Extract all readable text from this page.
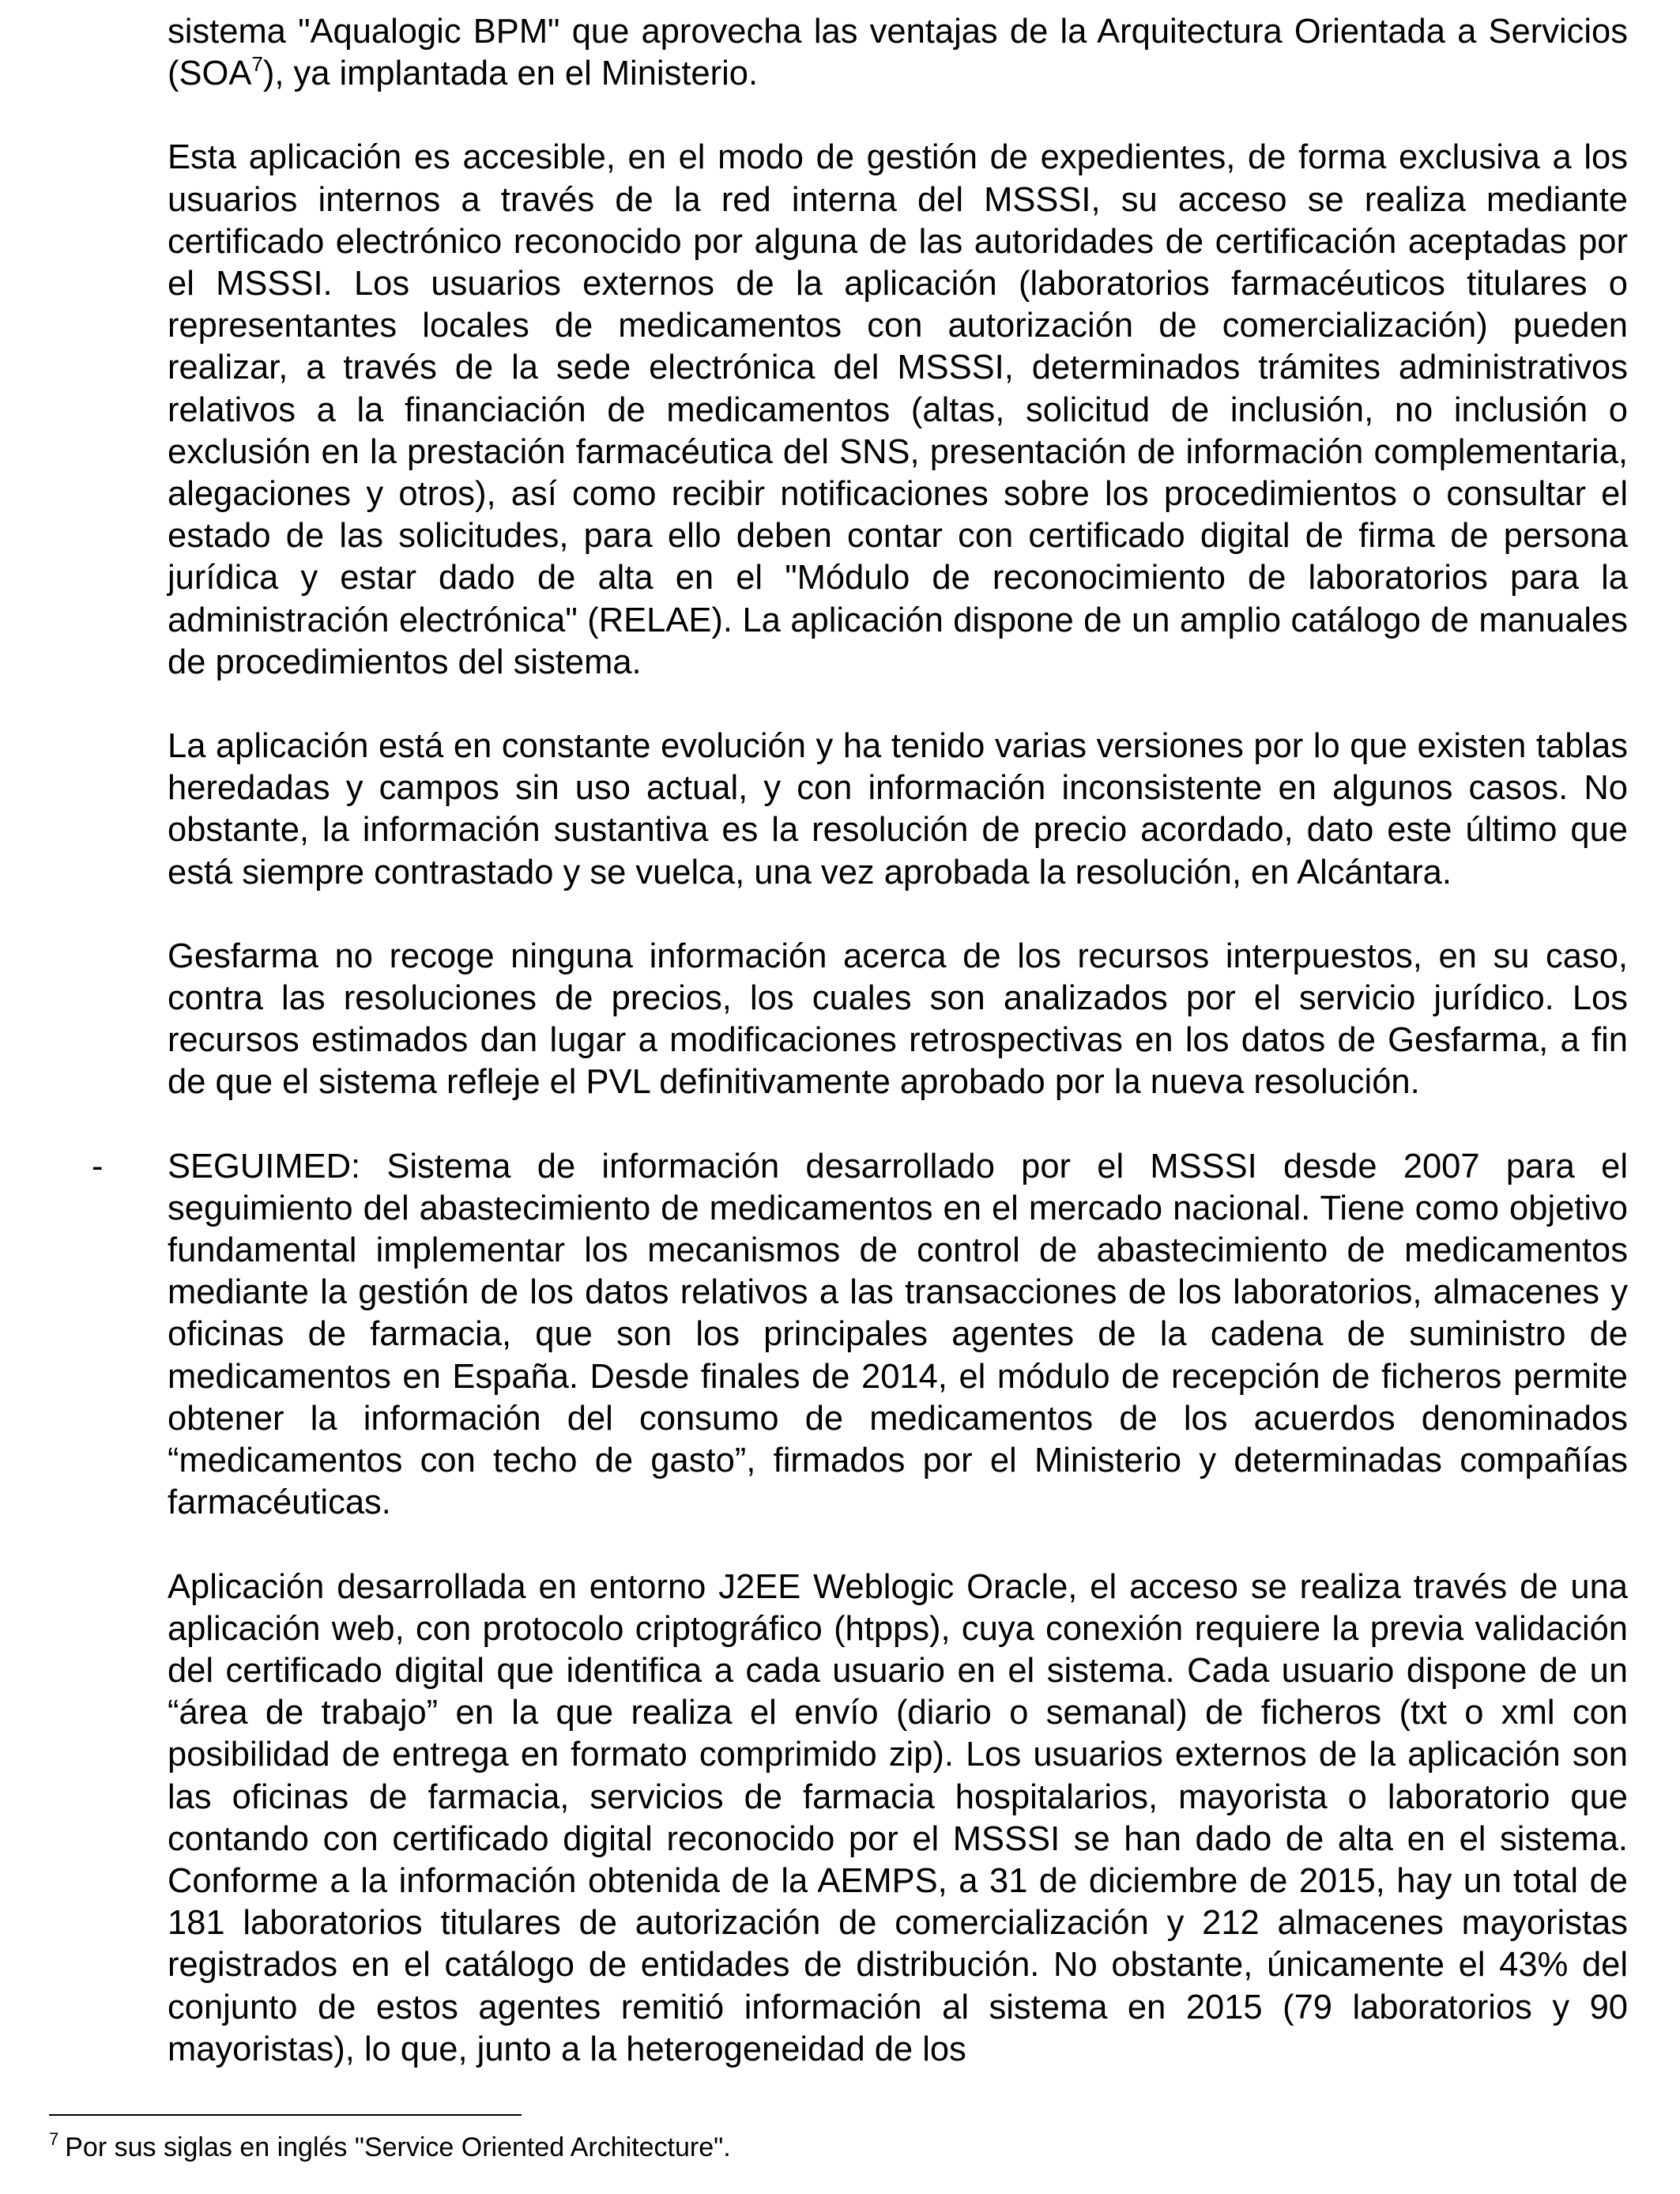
sistema "Aqualogic BPM" que aprovecha las ventajas de la Arquitectura Orientada a Servicios (SOA$^7$), ya implantada en el Ministerio.

Esta aplicación es accesible, en el modo de gestión de expedientes, de forma exclusiva a los usuarios internos a través de la red interna del MSSSI, su acceso se realiza mediante certificado electrónico reconocido por alguna de las autoridades de certificación aceptadas por el MSSSI. Los usuarios externos de la aplicación (laboratorios farmacéuticos titulares o representantes locales de medicamentos con autorización de comercialización) pueden realizar, a través de la sede electrónica del MSSSI, determinados trámites administrativos relativos a la financiación de medicamentos (altas, solicitud de inclusión, no inclusión o exclusión en la prestación farmacéutica del SNS, presentación de información complementaria, alegaciones y otros), así como recibir notificaciones sobre los procedimientos o consultar el estado de las solicitudes, para ello deben contar con certificado digital de firma de persona jurídica y estar dado de alta en el "Módulo de reconocimiento de laboratorios para la administración electrónica" (RELAE). La aplicación dispone de un amplio catálogo de manuales de procedimientos del sistema.

La aplicación está en constante evolución y ha tenido varias versiones por lo que existen tablas heredadas y campos sin uso actual, y con información inconsistente en algunos casos. No obstante, la información sustantiva es la resolución de precio acordado, dato este último que está siempre contrastado y se vuelca, una vez aprobada la resolución, en Alcántara.

Gesfarma no recoge ninguna información acerca de los recursos interpuestos, en su caso, contra las resoluciones de precios, los cuales son analizados por el servicio jurídico. Los recursos estimados dan lugar a modificaciones retrospectivas en los datos de Gesfarma, a fin de que el sistema refleje el PVL definitivamente aprobado por la nueva resolución.

- SEGUIMED: Sistema de información desarrollado por el MSSSI desde 2007 para el seguimiento del abastecimiento de medicamentos en el mercado nacional. Tiene como objetivo fundamental implementar los mecanismos de control de abastecimiento de medicamentos mediante la gestión de los datos relativos a las transacciones de los laboratorios, almacenes y oficinas de farmacia, que son los principales agentes de la cadena de suministro de medicamentos en España. Desde finales de 2014, el módulo de recepción de ficheros permite obtener la información del consumo de medicamentos de los acuerdos denominados “medicamentos con techo de gasto”, firmados por el Ministerio y determinadas compañías farmacéuticas.

Aplicación desarrollada en entorno J2EE Weblogic Oracle, el acceso se realiza través de una aplicación web, con protocolo criptográfico (htpps), cuya conexión requiere la previa validación del certificado digital que identifica a cada usuario en el sistema. Cada usuario dispone de un “área de trabajo” en la que realiza el envío (diario o semanal) de ficheros (txt o xml con posibilidad de entrega en formato comprimido zip). Los usuarios externos de la aplicación son las oficinas de farmacia, servicios de farmacia hospitalarios, mayorista o laboratorio que contando con certificado digital reconocido por el MSSSI se han dado de alta en el sistema. Conforme a la información obtenida de la AEMPS, a 31 de diciembre de 2015, hay un total de 181 laboratorios titulares de autorización de comercialización y 212 almacenes mayoristas registrados en el catálogo de entidades de distribución. No obstante, únicamente el 43% del conjunto de estos agentes remitió información al sistema en 2015 (79 laboratorios y 90 mayoristas), lo que, junto a la heterogeneidad de los

$^7$ Por sus siglas en inglés "Service Oriented Architecture".
